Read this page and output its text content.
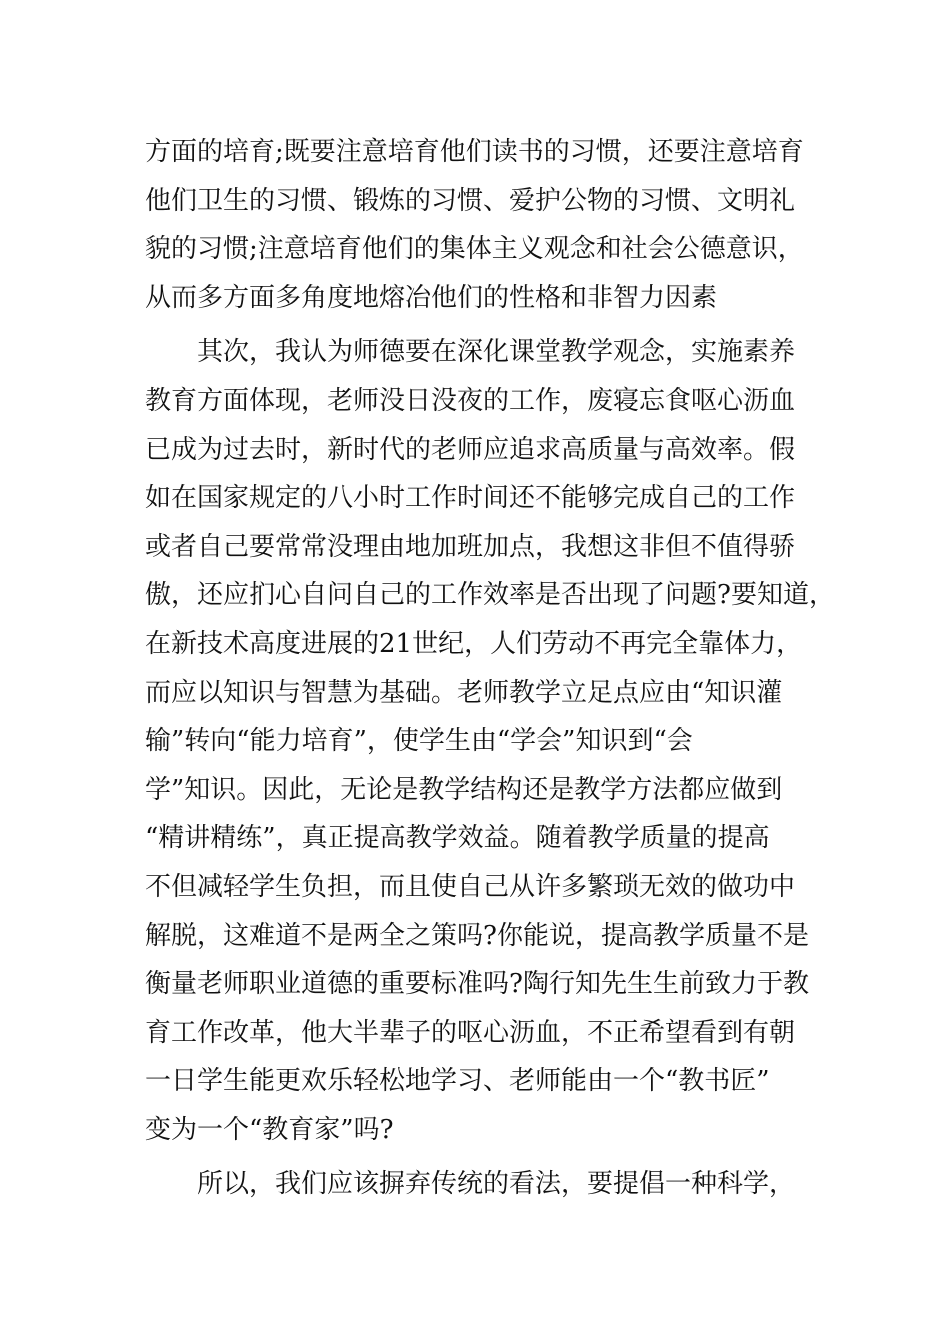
方面的培育;既要注意培育他们读书的习惯，还要注意培育
他们卫生的习惯、锻炼的习惯、爱护公物的习惯、文明礼
貌的习惯;注意培育他们的集体主义观念和社会公德意识，
从而多方面多角度地熔冶他们的性格和非智力因素
其次，我认为师德要在深化课堂教学观念，实施素养
教育方面体现，老师没日没夜的工作，废寝忘食呕心沥血
已成为过去时，新时代的老师应追求高质量与高效率。假
如在国家规定的八小时工作时间还不能够完成自己的工作
或者自己要常常没理由地加班加点，我想这非但不值得骄
傲，还应扪心自问自己的工作效率是否出现了问题?要知道，
在新技术高度进展的21世纪，人们劳动不再完全靠体力，
而应以知识与智慧为基础。老师教学立足点应由“知识灌
输”转向“能力培育”，使学生由“学会”知识到“会
学”知识。因此，无论是教学结构还是教学方法都应做到
“精讲精练”，真正提高教学效益。随着教学质量的提高
不但减轻学生负担，而且使自己从许多繁琐无效的做功中
解脱，这难道不是两全之策吗?你能说，提高教学质量不是
衡量老师职业道德的重要标准吗?陶行知先生生前致力于教
育工作改革，他大半辈子的呕心沥血，不正希望看到有朝
一日学生能更欢乐轻松地学习、老师能由一个“教书匠”
变为一个“教育家”吗?
所以，我们应该摒弃传统的看法，要提倡一种科学，
